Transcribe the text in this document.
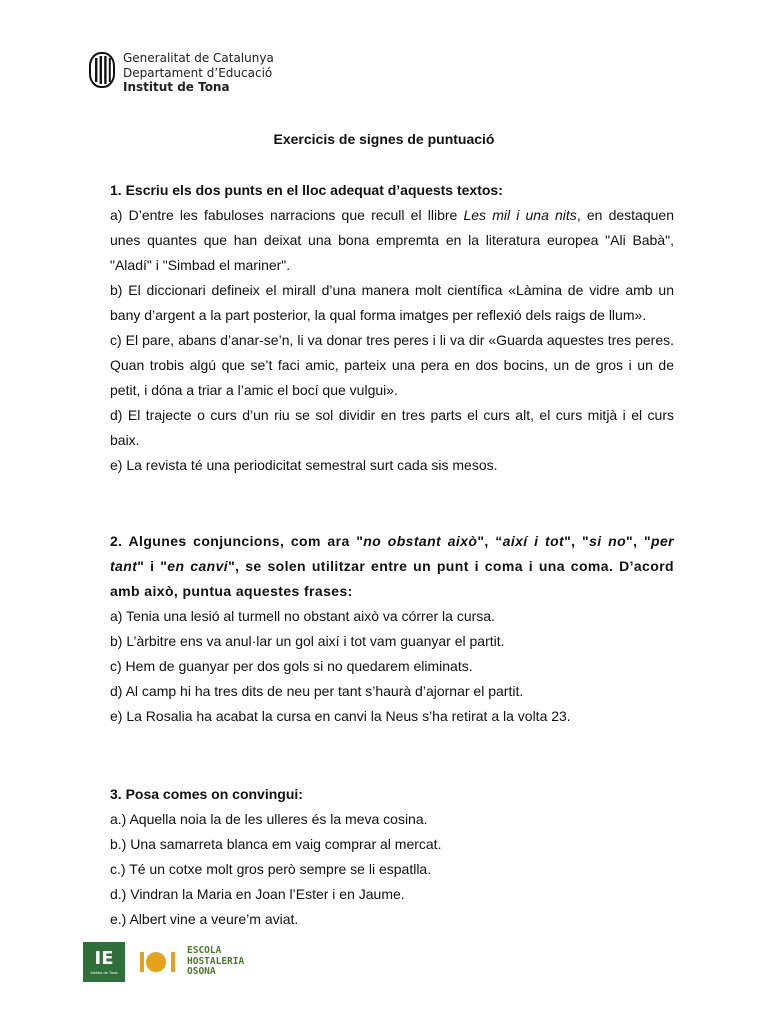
Generalitat de Catalunya
Departament d’Educació
Institut de Tona
Exercicis de signes de puntuació

1. Escriu els dos punts en el lloc adequat d’aquests textos:

a) D’entre les fabuloses narracions que recull el llibre Les mil i una nits, en destaquen unes quantes que han deixat una bona empremta en la literatura europea "Ali Babà", "Aladí" i "Simbad el mariner".

b) El diccionari defineix el mirall d’una manera molt científica «Làmina de vidre amb un bany d’argent a la part posterior, la qual forma imatges per reflexió dels raigs de llum».

c) El pare, abans d’anar-se’n, li va donar tres peres i li va dir «Guarda aquestes tres peres. Quan trobis algú que se’t faci amic, parteix una pera en dos bocins, un de gros i un de petit, i dóna a triar a l’amic el bocí que vulgui».

d) El trajecte o curs d’un riu se sol dividir en tres parts el curs alt, el curs mitjà i el curs baix.

e) La revista té una periodicitat semestral surt cada sis mesos.

2. Algunes conjuncions, com ara "no obstant això", “així i tot", "si no", "per tant" i "en canvi", se solen utilitzar entre un punt i coma i una coma. D’acord amb això, puntua aquestes frases:

a) Tenia una lesió al turmell no obstant això va córrer la cursa.

b) L’àrbitre ens va anul·lar un gol així i tot vam guanyar el partit.

c) Hem de guanyar per dos gols si no quedarem eliminats.

d) Al camp hi ha tres dits de neu per tant s’haurà d’ajornar el partit.

e) La Rosalia ha acabat la cursa en canvi la Neus s’ha retirat a la volta 23.

3. Posa comes on convingui:

a.) Aquella noia la de les ulleres és la meva cosina.

b.) Una samarreta blanca em vaig comprar al mercat.

c.) Té un cotxe molt gros però sempre se li espatlla.

d.) Vindran la Maria en Joan l’Ester i en Jaume.

e.) Albert vine a veure’m aviat.

IE
Institut de Tona
ESCOLA
HOSTALERIA
OSONA
